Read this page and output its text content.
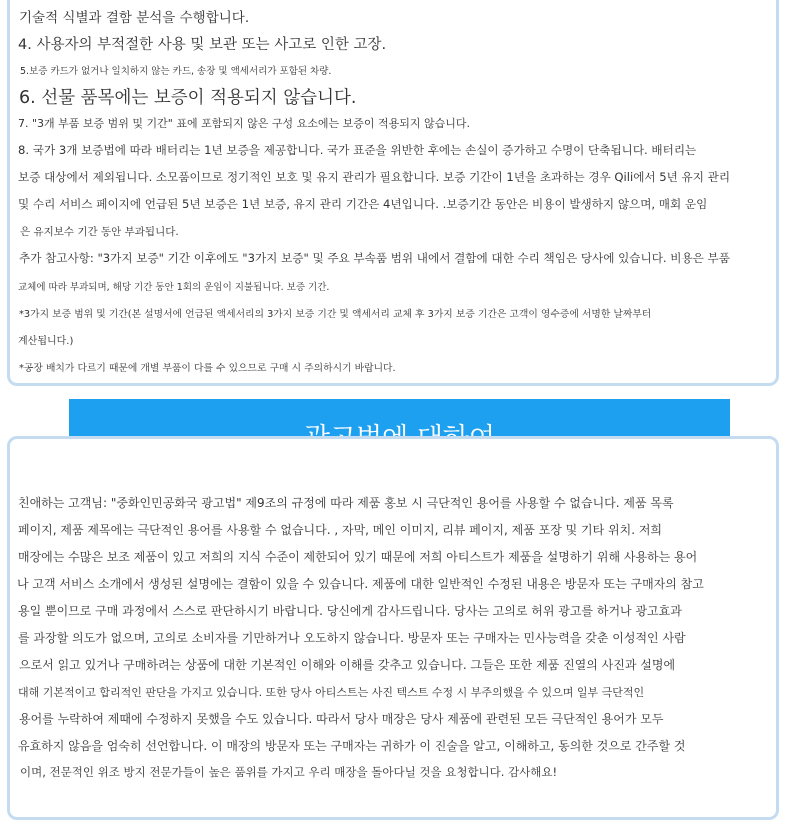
기술적 식별과 결함 분석을 수행합니다.
4. 사용자의 부적절한 사용 및 보관 또는 사고로 인한 고장.
5.보증 카드가 없거나 일치하지 않는 카드, 송장 및 액세서리가 포함된 차량.
6. 선물 품목에는 보증이 적용되지 않습니다.
7. "3개 부품 보증 범위 및 기간" 표에 포함되지 않은 구성 요소에는 보증이 적용되지 않습니다.
8. 국가 3개 보증법에 따라 배터리는 1년 보증을 제공합니다. 국가 표준을 위반한 후에는 손실이 증가하고 수명이 단축됩니다. 배터리는
보증 대상에서 제외됩니다. 소모품이므로 정기적인 보호 및 유지 관리가 필요합니다. 보증 기간이 1년을 초과하는 경우 Qili에서 5년 유지 관리
및 수리 서비스 페이지에 언급된 5년 보증은 1년 보증, 유지 관리 기간은 4년입니다. .보증기간 동안은 비용이 발생하지 않으며, 매회 운임
은 유지보수 기간 동안 부과됩니다.
추가 참고사항: "3가지 보증" 기간 이후에도 "3가지 보증" 및 주요 부속품 범위 내에서 결함에 대한 수리 책임은 당사에 있습니다. 비용은 부품
교체에 따라 부과되며, 해당 기간 동안 1회의 운임이 지불됩니다. 보증 기간.
*3가지 보증 범위 및 기간(본 설명서에 언급된 액세서리의 3가지 보증 기간 및 액세서리 교체 후 3가지 보증 기간은 고객이 영수증에 서명한 날짜부터
계산됩니다.)
*공장 배치가 다르기 때문에 개별 부품이 다를 수 있으므로 구매 시 주의하시기 바랍니다.
친애하는 고객님: "중화인민공화국 광고법" 제9조의 규정에 따라 제품 홍보 시 극단적인 용어를 사용할 수 없습니다. 제품 목록
페이지, 제품 제목에는 극단적인 용어를 사용할 수 없습니다. , 자막, 메인 이미지, 리뷰 페이지, 제품 포장 및 기타 위치. 저희
매장에는 수많은 보조 제품이 있고 저희의 지식 수준이 제한되어 있기 때문에 저희 아티스트가 제품을 설명하기 위해 사용하는 용어
나 고객 서비스 소개에서 생성된 설명에는 결함이 있을 수 있습니다. 제품에 대한 일반적인 수정된 내용은 방문자 또는 구매자의 참고
용일 뿐이므로 구매 과정에서 스스로 판단하시기 바랍니다. 당신에게 감사드립니다. 당사는 고의로 허위 광고를 하거나 광고효과
를 과장할 의도가 없으며, 고의로 소비자를 기만하거나 오도하지 않습니다. 방문자 또는 구매자는 민사능력을 갖춘 이성적인 사람
으로서 읽고 있거나 구매하려는 상품에 대한 기본적인 이해와 이해를 갖추고 있습니다. 그들은 또한 제품 진열의 사진과 설명에
대해 기본적이고 합리적인 판단을 가지고 있습니다. 또한 당사 아티스트는 사진 텍스트 수정 시 부주의했을 수 있으며 일부 극단적인
용어를 누락하여 제때에 수정하지 못했을 수도 있습니다. 따라서 당사 매장은 당사 제품에 관련된 모든 극단적인 용어가 모두
유효하지 않음을 엄숙히 선언합니다. 이 매장의 방문자 또는 구매자는 귀하가 이 진술을 알고, 이해하고, 동의한 것으로 간주할 것
이며, 전문적인 위조 방지 전문가들이 높은 품위를 가지고 우리 매장을 돌아다닐 것을 요청합니다. 감사해요!
